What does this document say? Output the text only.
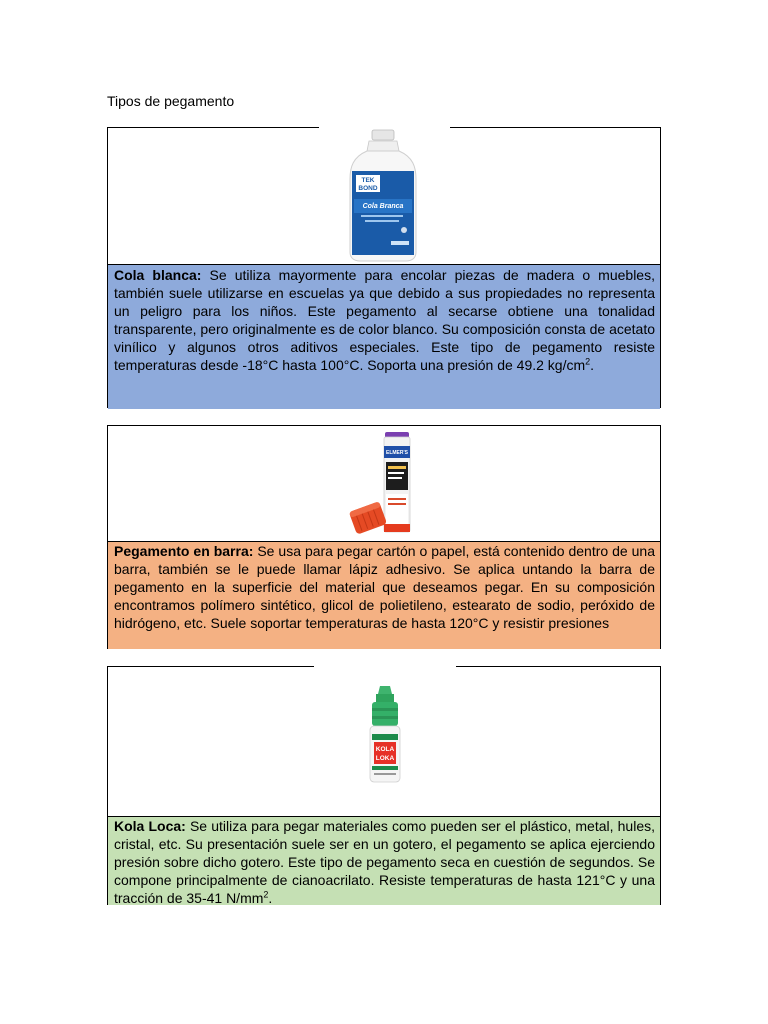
Tipos de pegamento
TEK
BOND
Cola Branca
Cola blanca: Se utiliza mayormente para encolar piezas de madera o muebles, también suele utilizarse en escuelas ya que debido a sus propiedades no representa un peligro para los niños. Este pegamento al secarse obtiene una tonalidad transparente, pero originalmente es de color blanco. Su composición consta de acetato vinílico y algunos otros aditivos especiales. Este tipo de pegamento resiste temperaturas desde -18°C hasta 100°C. Soporta una presión de 49.2 $kg/cm^2$.
ELMER'S
Pegamento en barra: Se usa para pegar cartón o papel, está contenido dentro de una barra, también se le puede llamar lápiz adhesivo. Se aplica untando la barra de pegamento en la superficie del material que deseamos pegar. En su composición encontramos polímero sintético, glicol de polietileno, estearato de sodio, peróxido de hidrógeno, etc. Suele soportar temperaturas de hasta 120°C y resistir presiones
KOLA
LOKA
Kola Loca: Se utiliza para pegar materiales como pueden ser el plástico, metal, hules, cristal, etc. Su presentación suele ser en un gotero, el pegamento se aplica ejerciendo presión sobre dicho gotero. Este tipo de pegamento seca en cuestión de segundos. Se compone principalmente de cianoacrilato. Resiste temperaturas de hasta 121°C y una tracción de 35-41 $N/mm^2$.
